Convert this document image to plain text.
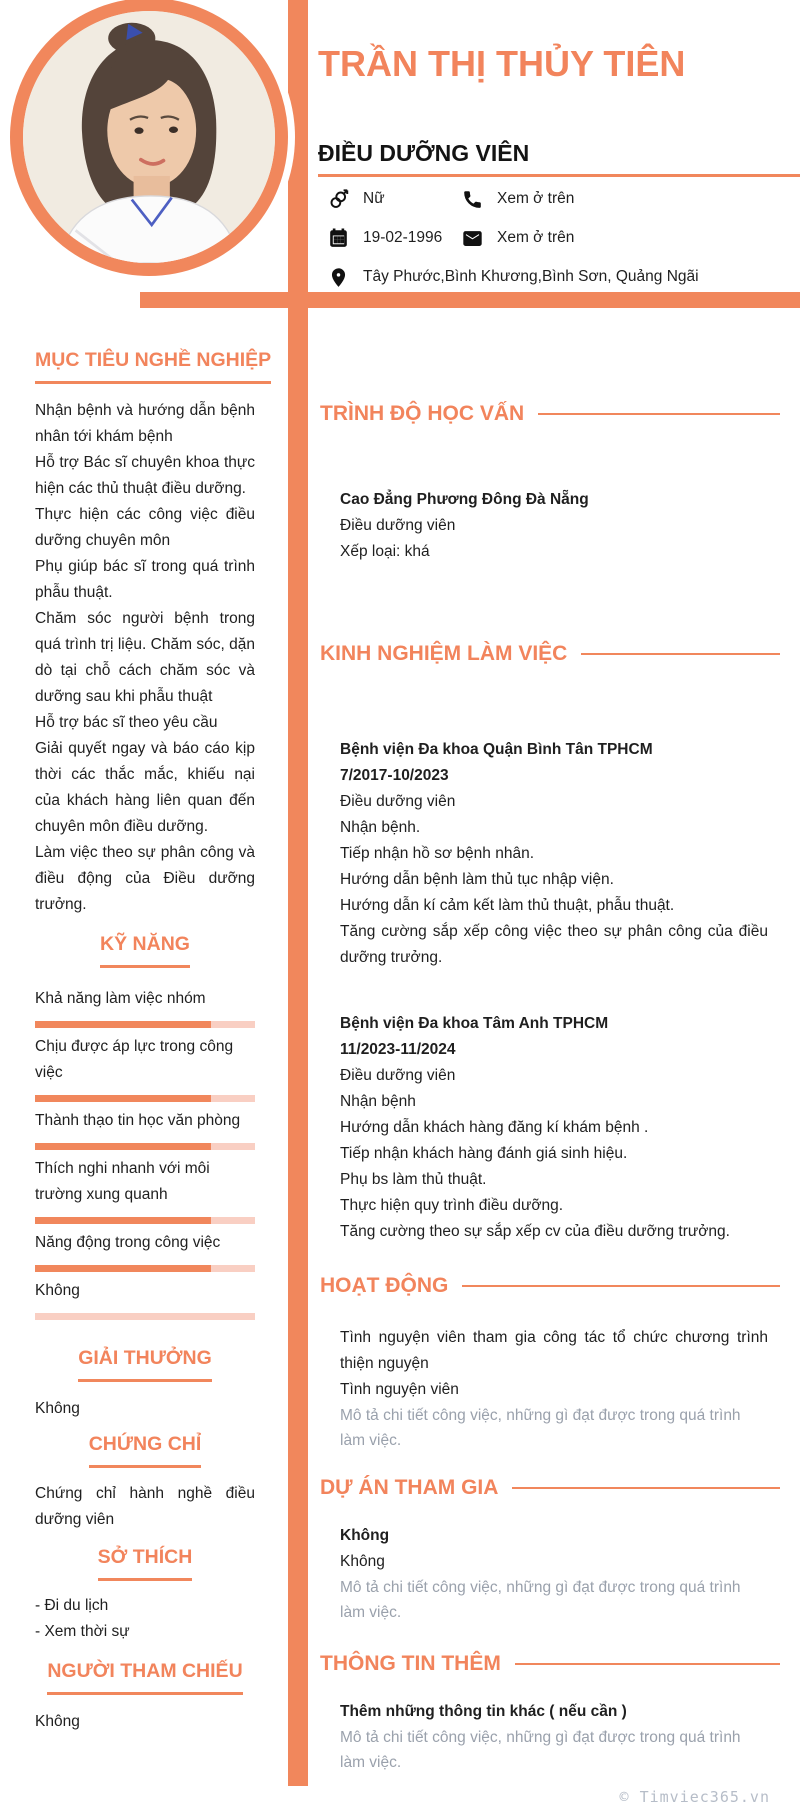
TRẦN THỊ THỦY TIÊN
ĐIỀU DƯỠNG VIÊN
Nữ	Xem ở trên
19-02-1996	Xem ở trên
Tây Phước,Bình Khương,Bình Sơn, Quảng Ngãi
MỤC TIÊU NGHỀ NGHIỆP

Nhận bệnh và hướng dẫn bệnh nhân tới khám bệnh

Hỗ trợ Bác sĩ chuyên khoa thực hiện các thủ thuật điều dưỡng.

Thực hiện các công việc điều dưỡng chuyên môn

Phụ giúp bác sĩ trong quá trình phẫu thuật.

Chăm sóc người bệnh trong quá trình trị liệu. Chăm sóc, dặn dò tại chỗ cách chăm sóc và dưỡng sau khi phẫu thuật

Hỗ trợ bác sĩ theo yêu cầu

Giải quyết ngay và báo cáo kịp thời các thắc mắc, khiếu nại của khách hàng liên quan đến chuyên môn điều dưỡng.

Làm việc theo sự phân công và điều động của Điều dưỡng trưởng.

KỸ NĂNG
Khả năng làm việc nhóm
Chịu được áp lực trong công việc
Thành thạo tin học văn phòng
Thích nghi nhanh với môi trường xung quanh
Năng động trong công việc
Không
GIẢI THƯỞNG

Không

CHỨNG CHỈ

Chứng chỉ hành nghề điều dưỡng viên

SỞ THÍCH

- Đi du lịch

- Xem thời sự

NGƯỜI THAM CHIẾU

Không

TRÌNH ĐỘ HỌC VẤN
Cao Đẳng Phương Đông Đà Nẵng

Điều dưỡng viên

Xếp loại: khá

KINH NGHIỆM LÀM VIỆC
Bệnh viện Đa khoa Quận Bình Tân TPHCM
7/2017-10/2023

Điều dưỡng viên

Nhận bệnh.

Tiếp nhận hồ sơ bệnh nhân.

Hướng dẫn bệnh làm thủ tục nhập viện.

Hướng dẫn kí cảm kết làm thủ thuật, phẫu thuật.

Tăng cường sắp xếp công việc theo sự phân công của điều dưỡng trưởng.

Bệnh viện Đa khoa Tâm Anh TPHCM
11/2023-11/2024

Điều dưỡng viên

Nhận bệnh

Hướng dẫn khách hàng đăng kí khám bệnh .

Tiếp nhận khách hàng đánh giá sinh hiệu.

Phụ bs làm thủ thuật.

Thực hiện quy trình điều dưỡng.

Tăng cường theo sự sắp xếp cv của điều dưỡng trưởng.

HOẠT ĐỘNG

Tình nguyện viên tham gia công tác tổ chức chương trình thiện nguyện

Tình nguyện viên

Mô tả chi tiết công việc, những gì đạt được trong quá trình làm việc.

DỰ ÁN THAM GIA
Không

Không

Mô tả chi tiết công việc, những gì đạt được trong quá trình làm việc.

THÔNG TIN THÊM
Thêm những thông tin khác ( nếu cần )

Mô tả chi tiết công việc, những gì đạt được trong quá trình làm việc.

© Timviec365.vn
